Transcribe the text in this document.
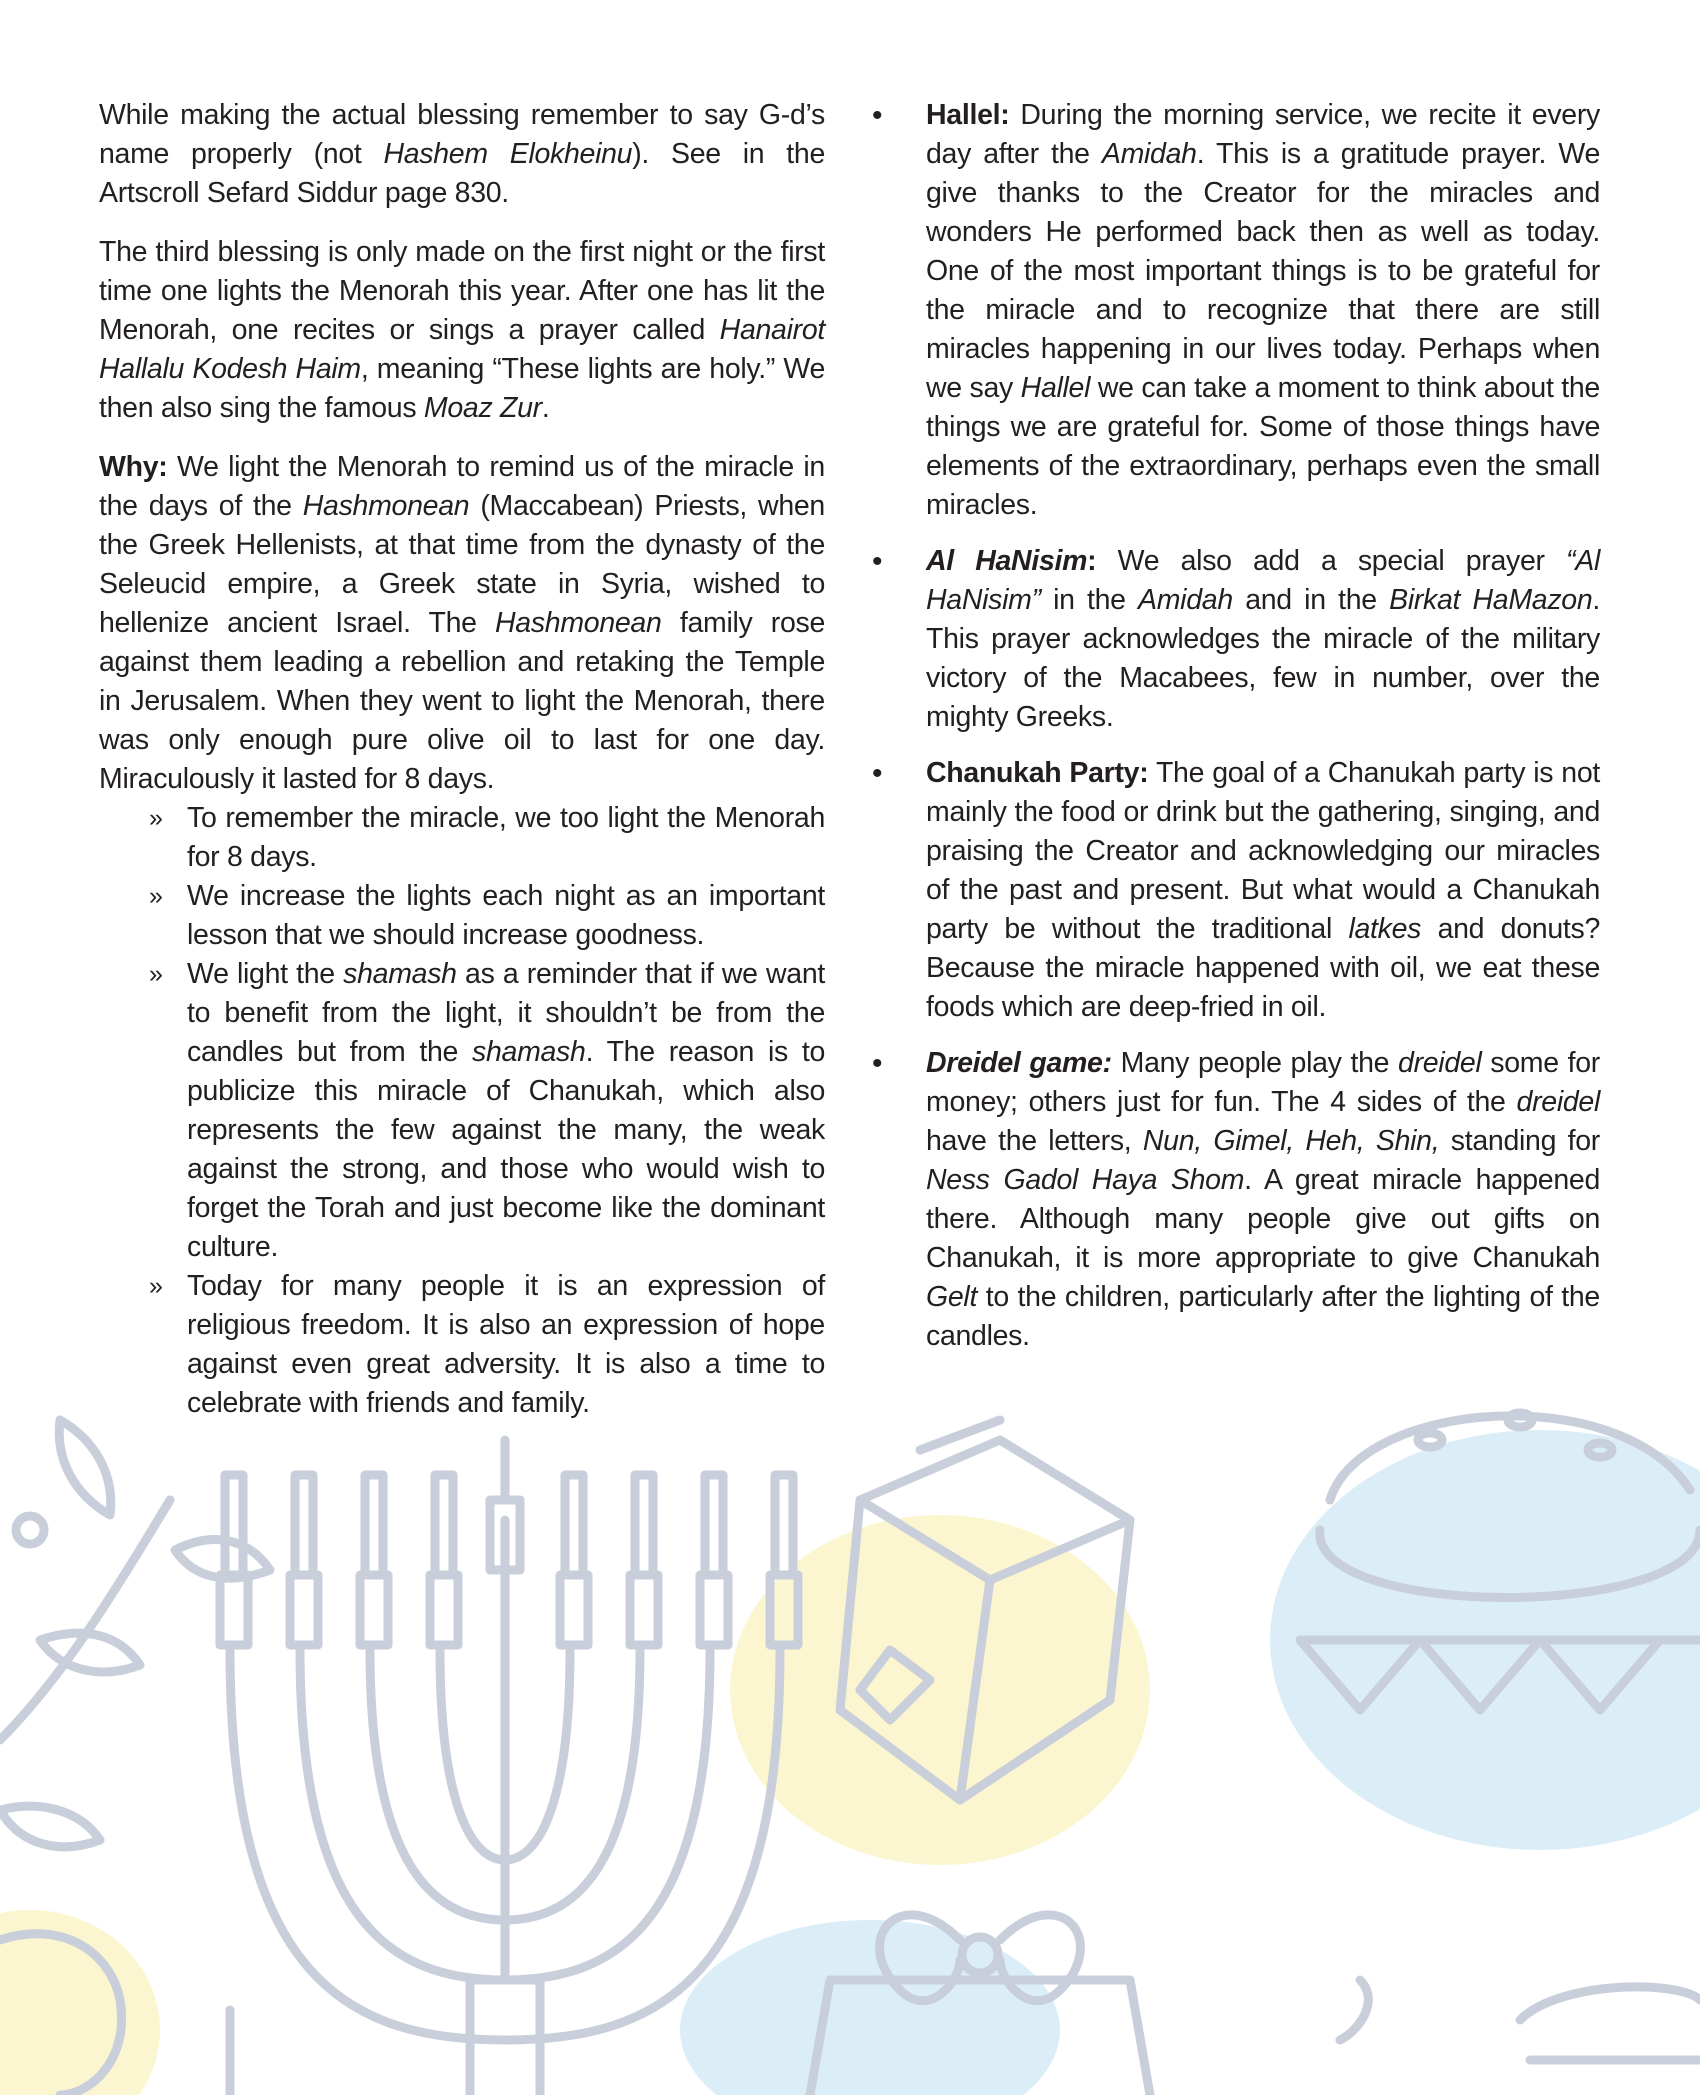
While making the actual blessing remember to say G-d’s name properly (not Hashem Elokheinu). See in the Artscroll Sefard Siddur page 830.

The third blessing is only made on the first night or the first time one lights the Menorah this year. After one has lit the Menorah, one recites or sings a prayer called Hanairot Hallalu Kodesh Haim, meaning “These lights are holy.” We then also sing the famous Moaz Zur.

Why: We light the Menorah to remind us of the miracle in the days of the Hashmonean (Maccabean) Priests, when the Greek Hellenists, at that time from the dynasty of the Seleucid empire, a Greek state in Syria, wished to hellenize ancient Israel. The Hashmonean family rose against them leading a rebellion and retaking the Temple in Jerusalem. When they went to light the Menorah, there was only enough pure olive oil to last for one day. Miraculously it lasted for 8 days.

» To remember the miracle, we too light the Menorah for 8 days.
» We increase the lights each night as an important lesson that we should increase goodness.
» We light the shamash as a reminder that if we want to benefit from the light, it shouldn’t be from the candles but from the shamash. The reason is to publicize this miracle of Chanukah, which also represents the few against the many, the weak against the strong, and those who would wish to forget the Torah and just become like the dominant culture.
» Today for many people it is an expression of religious freedom. It is also an expression of hope against even great adversity. It is also a time to celebrate with friends and family.
• Hallel: During the morning service, we recite it every day after the Amidah. This is a gratitude prayer. We give thanks to the Creator for the miracles and wonders He performed back then as well as today. One of the most important things is to be grateful for the miracle and to recognize that there are still miracles happening in our lives today. Perhaps when we say Hallel we can take a moment to think about the things we are grateful for. Some of those things have elements of the extraordinary, perhaps even the small miracles.
• Al HaNisim: We also add a special prayer “Al HaNisim” in the Amidah and in the Birkat HaMazon. This prayer acknowledges the miracle of the military victory of the Macabees, few in number, over the mighty Greeks.
• Chanukah Party: The goal of a Chanukah party is not mainly the food or drink but the gathering, singing, and praising the Creator and acknowledging our miracles of the past and present. But what would a Chanukah party be without the traditional latkes and donuts? Because the miracle happened with oil, we eat these foods which are deep-fried in oil.
• Dreidel game: Many people play the dreidel some for money; others just for fun. The 4 sides of the dreidel have the letters, Nun, Gimel, Heh, Shin, standing for Ness Gadol Haya Shom. A great miracle happened there. Although many people give out gifts on Chanukah, it is more appropriate to give Chanukah Gelt to the children, particularly after the lighting of the candles.
